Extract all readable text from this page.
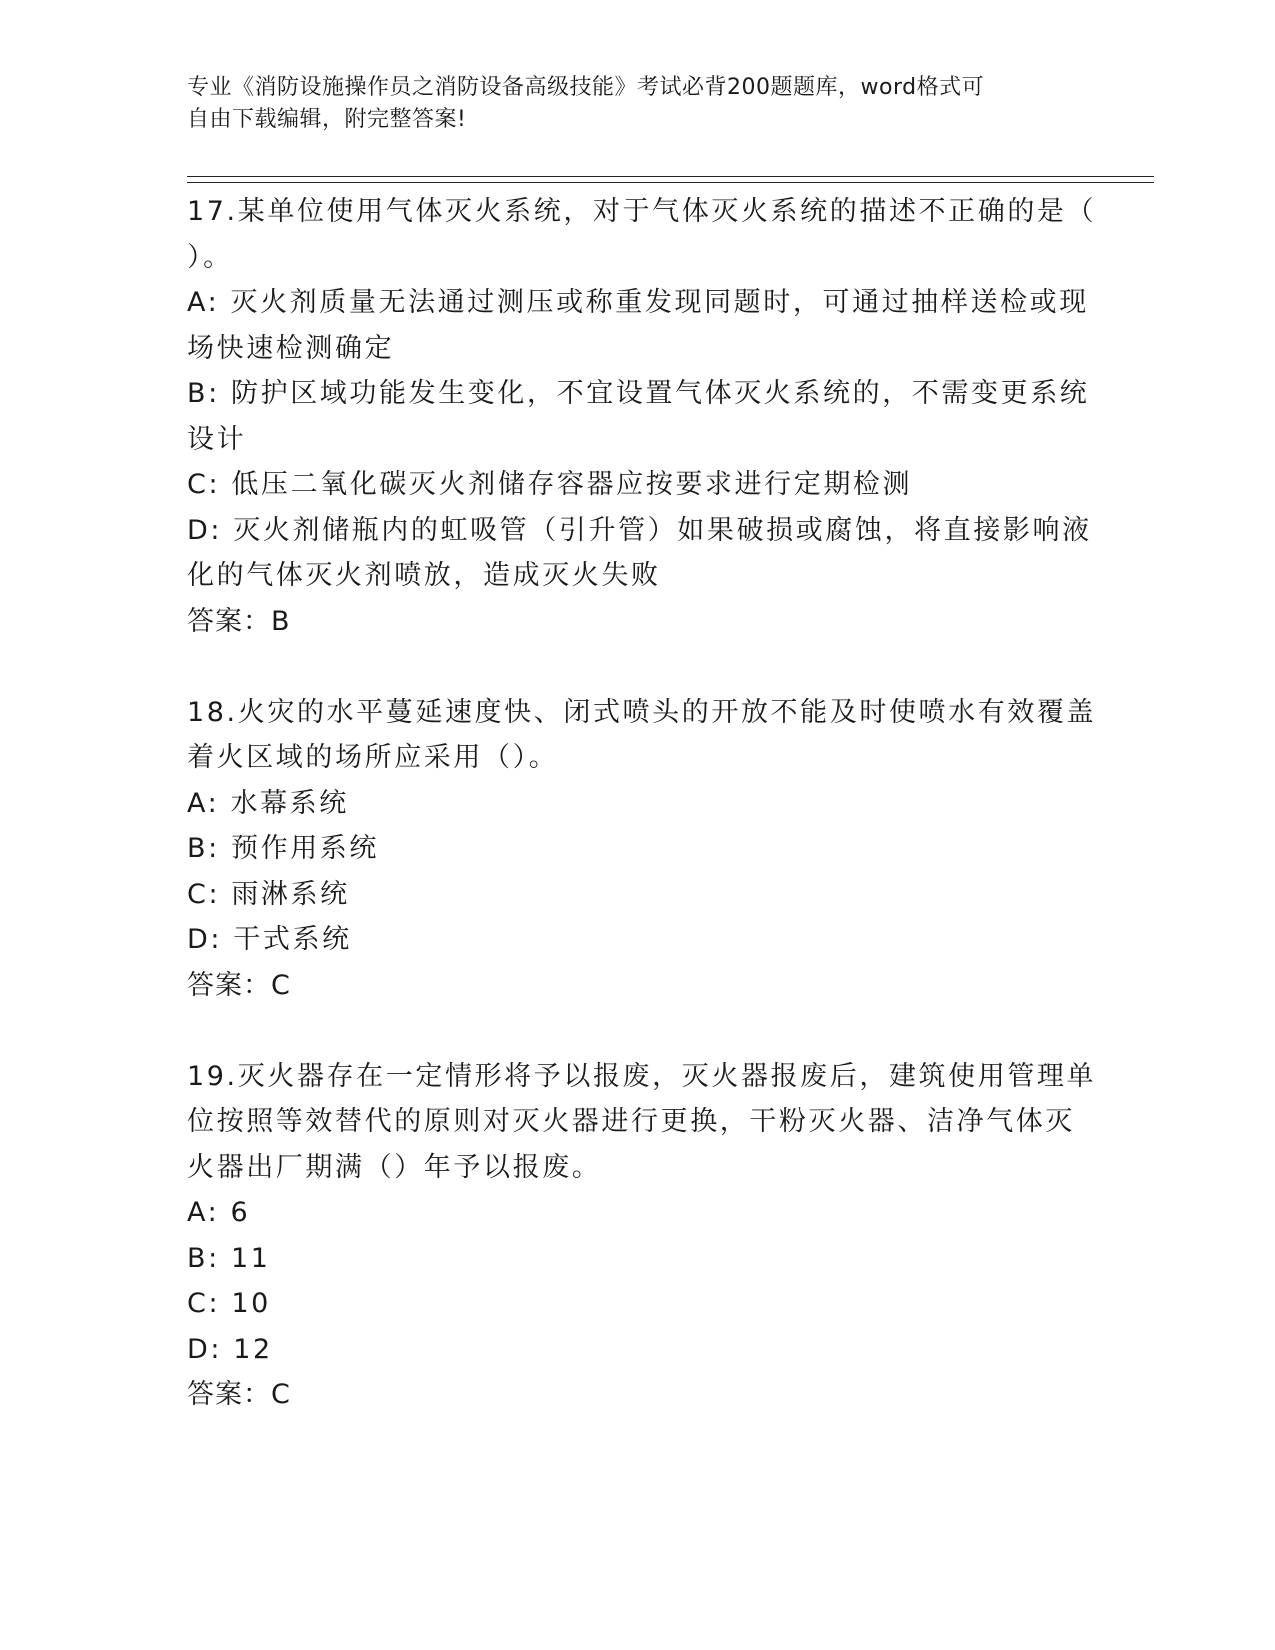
专业《消防设施操作员之消防设备高级技能》考试必背200题题库，word格式可
自由下载编辑，附完整答案!
17.某单位使用气体灭火系统，对于气体灭火系统的描述不正确的是（
）。
A: 灭火剂质量无法通过测压或称重发现同题时，可通过抽样送检或现
场快速检测确定
B: 防护区域功能发生变化，不宜设置气体灭火系统的，不需变更系统
设计
C: 低压二氧化碳灭火剂储存容器应按要求进行定期检测
D: 灭火剂储瓶内的虹吸管（引升管）如果破损或腐蚀，将直接影响液
化的气体灭火剂喷放，造成灭火失败
答案：B
18.火灾的水平蔓延速度快、闭式喷头的开放不能及时使喷水有效覆盖
着火区域的场所应采用（）。
A: 水幕系统
B: 预作用系统
C: 雨淋系统
D: 干式系统
答案：C
19.灭火器存在一定情形将予以报废，灭火器报废后，建筑使用管理单
位按照等效替代的原则对灭火器进行更换，干粉灭火器、洁净气体灭
火器出厂期满（）年予以报废。
A: 6
B: 11
C: 10
D: 12
答案：C
